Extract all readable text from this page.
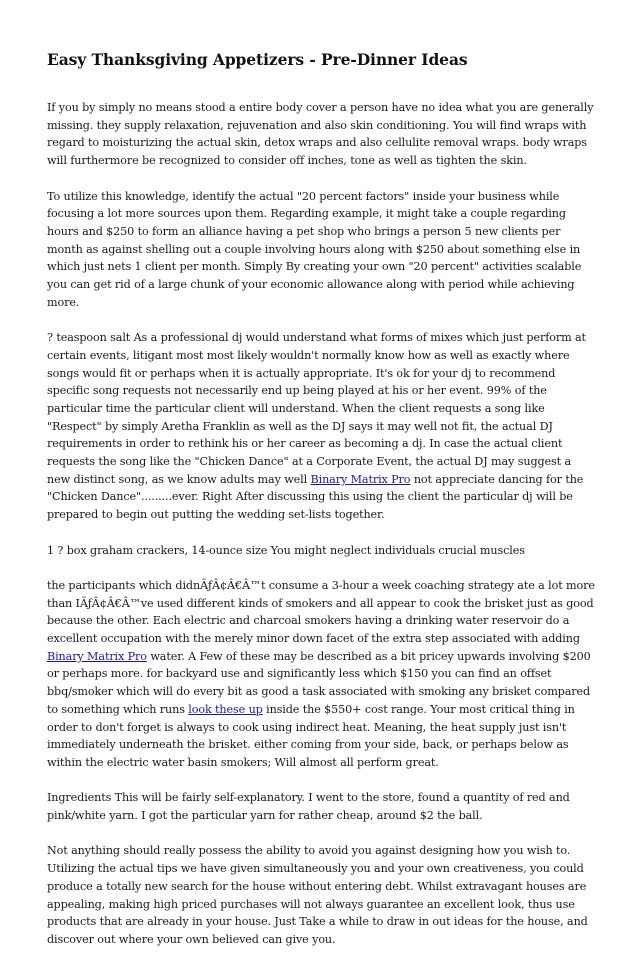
Easy Thanksgiving Appetizers - Pre-Dinner Ideas

If you by simply no means stood a entire body cover a person have no idea what you are generally missing. they supply relaxation, rejuvenation and also skin conditioning. You will find wraps with regard to moisturizing the actual skin, detox wraps and also cellulite removal wraps. body wraps will furthermore be recognized to consider off inches, tone as well as tighten the skin.

To utilize this knowledge, identify the actual "20 percent factors" inside your business while focusing a lot more sources upon them. Regarding example, it might take a couple regarding hours and $250 to form an alliance having a pet shop who brings a person 5 new clients per month as against shelling out a couple involving hours along with $250 about something else in which just nets 1 client per month. Simply By creating your own "20 percent" activities scalable you can get rid of a large chunk of your economic allowance along with period while achieving more.

? teaspoon salt As a professional dj would understand what forms of mixes which just perform at certain events, litigant most most likely wouldn't normally know how as well as exactly where songs would fit or perhaps when it is actually appropriate. It's ok for your dj to recommend specific song requests not necessarily end up being played at his or her event. 99% of the particular time the particular client will understand. When the client requests a song like "Respect" by simply Aretha Franklin as well as the DJ says it may well not fit, the actual DJ requirements in order to rethink his or her career as becoming a dj. In case the actual client requests the song like the "Chicken Dance" at a Corporate Event, the actual DJ may suggest a new distinct song, as we know adults may well Binary Matrix Pro not appreciate dancing for the "Chicken Dance".........ever. Right After discussing this using the client the particular dj will be prepared to begin out putting the wedding set-lists together.

1 ? box graham crackers, 14-ounce size You might neglect individuals crucial muscles

the participants which didnÃƒÂ¢Â€Â™t consume a 3-hour a week coaching strategy ate a lot more than IÃƒÂ¢Â€Â™ve used different kinds of smokers and all appear to cook the brisket just as good because the other. Each electric and charcoal smokers having a drinking water reservoir do a excellent occupation with the merely minor down facet of the extra step associated with adding Binary Matrix Pro water. A Few of these may be described as a bit pricey upwards involving $200 or perhaps more. for backyard use and significantly less which $150 you can find an offset bbq/smoker which will do every bit as good a task associated with smoking any brisket compared to something which runs look these up inside the $550+ cost range. Your most critical thing in order to don't forget is always to cook using indirect heat. Meaning, the heat supply just isn't immediately underneath the brisket. either coming from your side, back, or perhaps below as within the electric water basin smokers; Will almost all perform great.

Ingredients This will be fairly self-explanatory. I went to the store, found a quantity of red and pink/white yarn. I got the particular yarn for rather cheap, around $2 the ball.

Not anything should really possess the ability to avoid you against designing how you wish to. Utilizing the actual tips we have given simultaneously you and your own creativeness, you could produce a totally new search for the house without entering debt. Whilst extravagant houses are appealing, making high priced purchases will not always guarantee an excellent look, thus use products that are already in your house. Just Take a while to draw in out ideas for the house, and discover out where your own believed can give you.
